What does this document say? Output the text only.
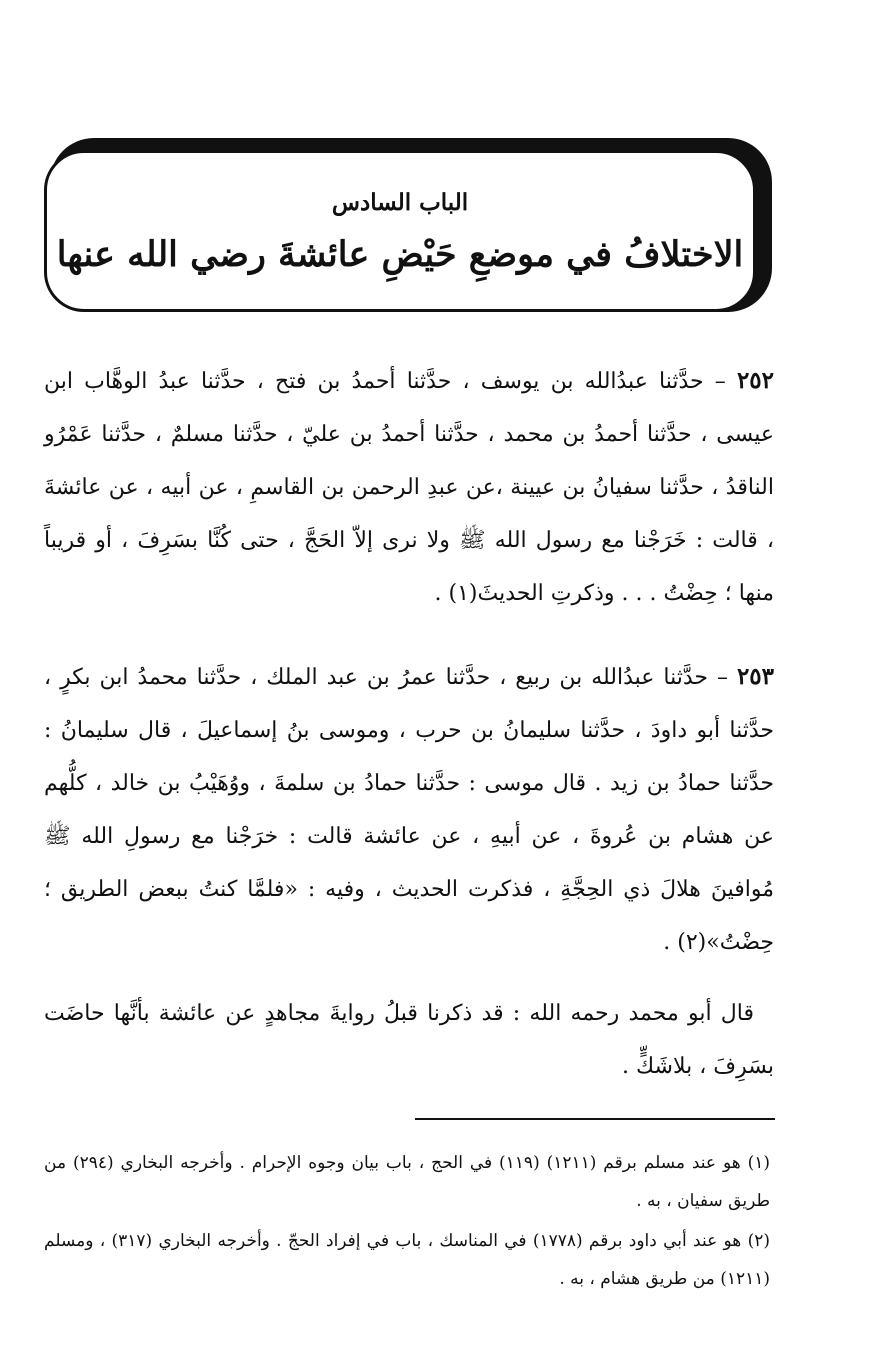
الباب السادس
الاختلافُ في موضعِ حَيْضِ عائشةَ رضي الله عنها

٢٥٢ – حدَّثنا عبدُالله بن يوسف ، حدَّثنا أحمدُ بن فتح ، حدَّثنا عبدُ الوهَّاب ابن عيسى ، حدَّثنا أحمدُ بن محمد ، حدَّثنا أحمدُ بن عليّ ، حدَّثنا مسلمٌ ، حدَّثنا عَمْرُو الناقدُ ، حدَّثنا سفيانُ بن عيينة ،عن عبدِ الرحمن بن القاسمِ ، عن أبيه ، عن عائشةَ ، قالت : خَرَجْنا مع رسول الله ﷺ ولا نرى إلاّ الحَجَّ ، حتى كُنَّا بسَرِفَ ، أو قريباً منها ؛ حِضْتُ . . . وذكرتِ الحديثَ(١) .

٢٥٣ – حدَّثنا عبدُالله بن ربيع ، حدَّثنا عمرُ بن عبد الملك ، حدَّثنا محمدُ ابن بكرٍ ، حدَّثنا أبو داودَ ، حدَّثنا سليمانُ بن حرب ، وموسى بنُ إسماعيلَ ، قال سليمانُ : حدَّثنا حمادُ بن زيد . قال موسى : حدَّثنا حمادُ بن سلمةَ ، ووُهَيْبُ بن خالد ، كلُّهم عن هشام بن عُروةَ ، عن أبيهِ ، عن عائشة قالت : خرَجْنا مع رسولِ الله ﷺ مُوافينَ هلالَ ذي الحِجَّةِ ، فذكرت الحديث ، وفيه : «فلمَّا كنتُ ببعض الطريق ؛ حِضْتُ»(٢) .

قال أبو محمد رحمه الله : قد ذكرنا قبلُ روايةَ مجاهدٍ عن عائشة بأنَّها حاضَت بسَرِفَ ، بلاشَكٍّ .

(١) هو عند مسلم برقم (١٢١١) (١١٩) في الحج ، باب بيان وجوه الإحرام . وأخرجه البخاري (٢٩٤) من طريق سفيان ، به .
(٢) هو عند أبي داود برقم (١٧٧٨) في المناسك ، باب في إفراد الحجّ . وأخرجه البخاري (٣١٧) ، ومسلم (١٢١١) من طريق هشام ، به .
